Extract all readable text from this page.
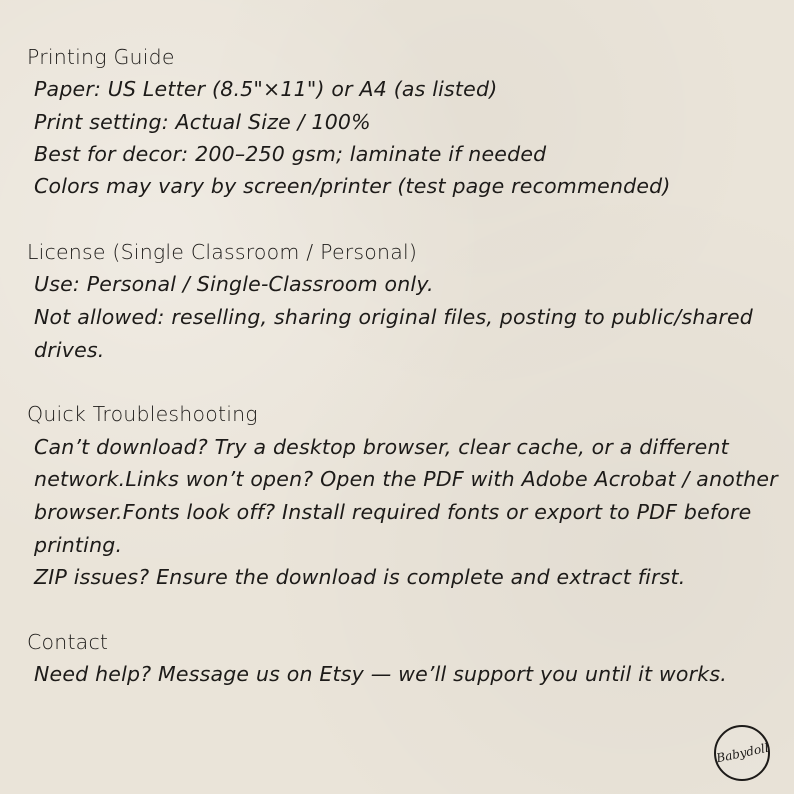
Printing Guide
Paper: US Letter (8.5"×11") or A4 (as listed)
Print setting: Actual Size / 100%
Best for decor: 200–250 gsm; laminate if needed
Colors may vary by screen/printer (test page recommended)
License (Single Classroom / Personal)
Use: Personal / Single-Classroom only.
Not allowed: reselling, sharing original files, posting to public/shared
drives.
Quick Troubleshooting
Can’t download? Try a desktop browser, clear cache, or a different
network.Links won’t open? Open the PDF with Adobe Acrobat / another
browser.Fonts look off? Install required fonts or export to PDF before
printing.
ZIP issues? Ensure the download is complete and extract first.
Contact
Need help? Message us on Etsy — we’ll support you until it works.
Babydoll
